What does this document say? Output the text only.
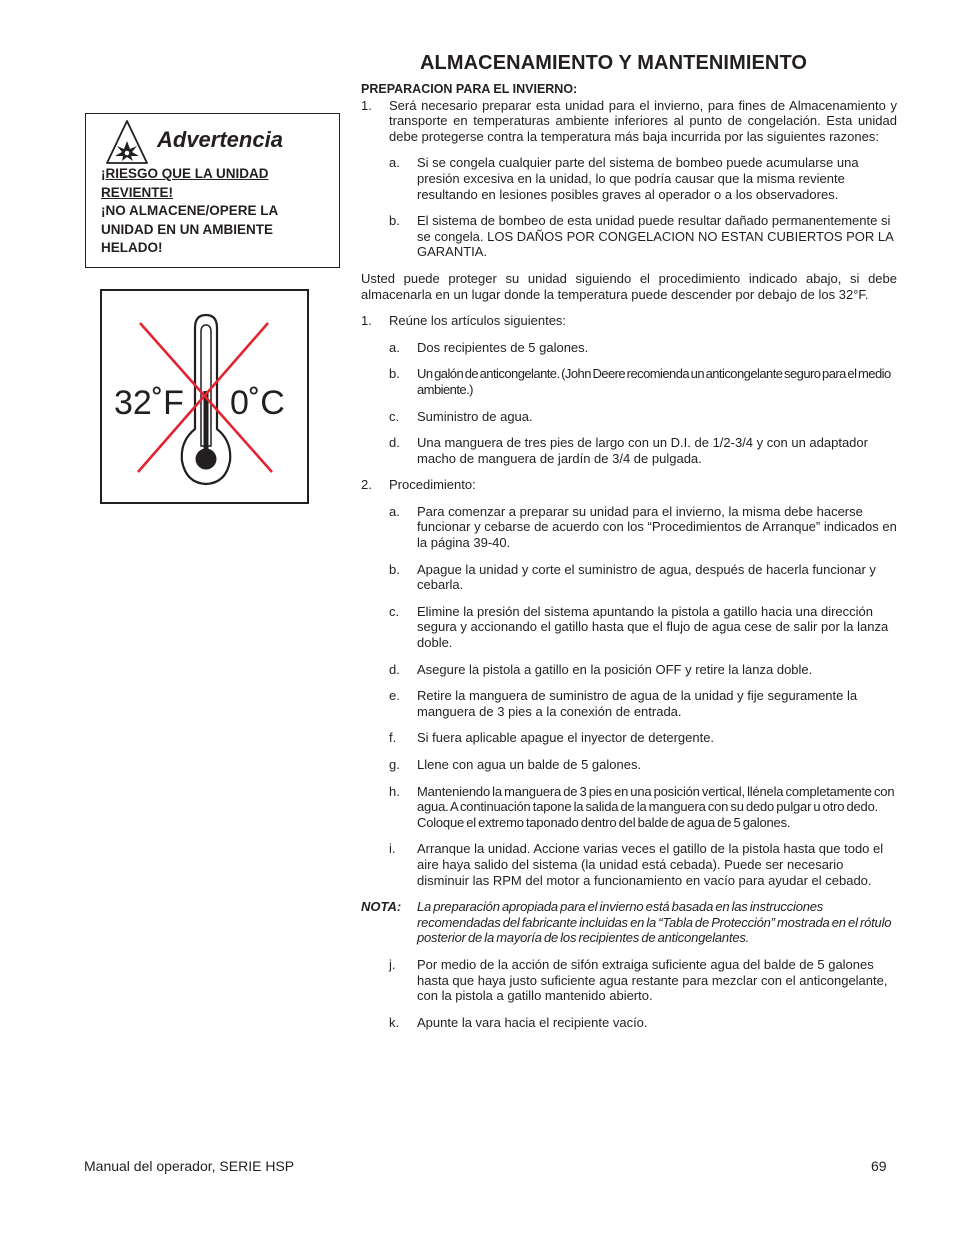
ALMACENAMIENTO Y MANTENIMIENTO
Advertencia
¡RIESGO QUE LA UNIDAD REVIENTE!
¡NO ALMACENE/OPERE LA UNIDAD EN UN AMBIENTE HELADO!
32˚F 0˚C

PREPARACION PARA EL INVIERNO:

1.	Será necesario preparar esta unidad para el invierno, para fines de Almacenamiento y transporte en temperaturas ambiente inferiores al punto de congelación. Esta unidad debe protegerse contra la temperatura más baja incurrida por las siguientes razones:
a.	Si se congela cualquier parte del sistema de bombeo puede acumularse una presión excesiva en la unidad, lo que podría causar que la misma reviente resultando en lesiones posibles graves al operador o a los observadores.
b.	El sistema de bombeo de esta unidad puede resultar dañado permanentemente si se congela. LOS DAÑOS POR CONGELACION NO ESTAN CUBIERTOS POR LA GARANTIA.

Usted puede proteger su unidad siguiendo el procedimiento indicado abajo, si debe almacenarla en un lugar donde la temperatura puede descender por debajo de los 32°F.

1.	Reúne los artículos siguientes:
a.	Dos recipientes de 5 galones.
b.	Un galón de anticongelante. (John Deere recomienda un anticongelante seguro para el medio ambiente.)
c.	Suministro de agua.
d.	Una manguera de tres pies de largo con un D.I. de 1/2-3/4 y con un adaptador macho de manguera de jardín de 3/4 de pulgada.
2.	Procedimiento:
a.	Para comenzar a preparar su unidad para el invierno, la misma debe hacerse funcionar y cebarse de acuerdo con los “Procedimientos de Arranque” indicados en la página 39-40.
b.	Apague la unidad y corte el suministro de agua, después de hacerla funcionar y cebarla.
c.	Elimine la presión del sistema apuntando la pistola a gatillo hacia una dirección segura y accionando el gatillo hasta que el flujo de agua cese de salir por la lanza doble.
d.	Asegure la pistola a gatillo en la posición OFF y retire la lanza doble.
e.	Retire la manguera de suministro de agua de la unidad y fije seguramente la manguera de 3 pies a la conexión de entrada.
f.	Si fuera aplicable apague el inyector de detergente.
g.	Llene con agua un balde de 5 galones.
h.	Manteniendo la manguera de 3 pies en una posición vertical, llénela completamente con agua. A continuación tapone la salida de la manguera con su dedo pulgar u otro dedo. Coloque el extremo taponado dentro del balde de agua de 5 galones.
i.	Arranque la unidad. Accione varias veces el gatillo de la pistola hasta que todo el aire haya salido del sistema (la unidad está cebada). Puede ser necesario disminuir las RPM del motor a funcionamiento en vacío para ayudar el cebado.
NOTA:	La preparación apropiada para el invierno está basada en las instrucciones recomendadas del fabricante incluidas en la “Tabla de Protección” mostrada en el rótulo posterior de la mayoría de los recipientes de anticongelantes.
j.	Por medio de la acción de sifón extraiga suficiente agua del balde de 5 galones hasta que haya justo suficiente agua restante para mezclar con el anticongelante, con la pistola a gatillo mantenido abierto.
k.	Apunte la vara hacia el recipiente vacío.
Manual del operador, SERIE HSP	69
